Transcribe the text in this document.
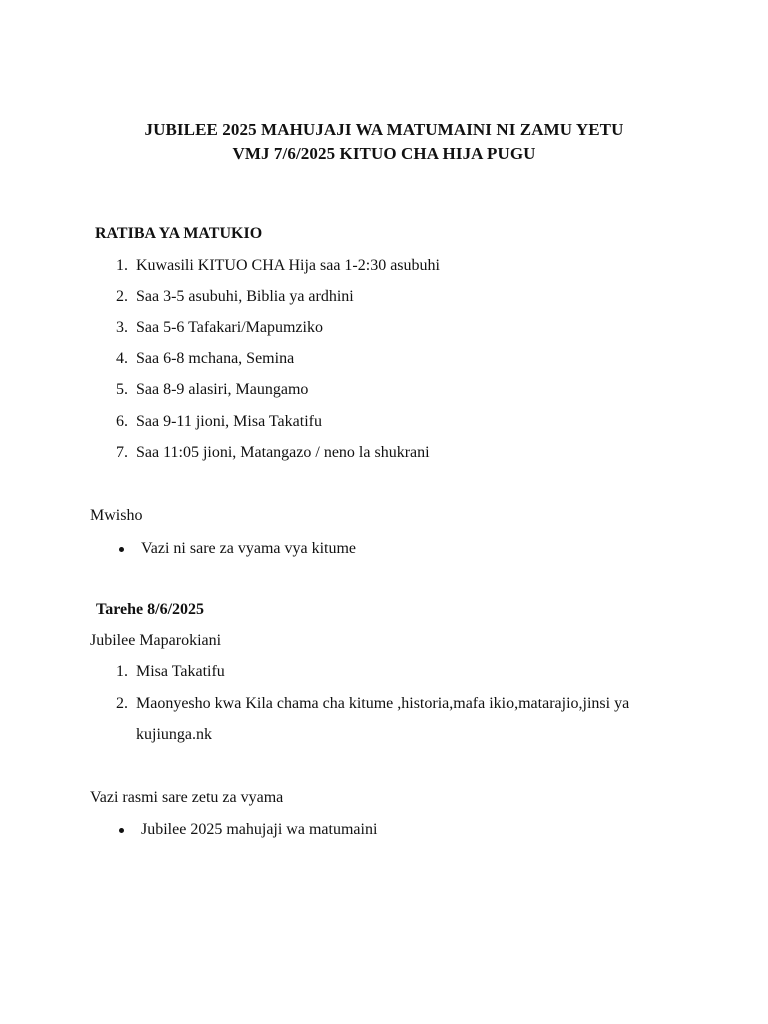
JUBILEE 2025 MAHUJAJI WA MATUMAINI NI ZAMU YETU
VMJ 7/6/2025 KITUO CHA HIJA PUGU
RATIBA YA MATUKIO
1. Kuwasili KITUO CHA Hija saa 1-2:30 asubuhi
2. Saa 3-5 asubuhi, Biblia ya ardhini
3. Saa 5-6 Tafakari/Mapumziko
4. Saa 6-8 mchana, Semina
5. Saa 8-9 alasiri, Maungamo
6. Saa 9-11 jioni, Misa Takatifu
7. Saa 11:05 jioni, Matangazo / neno la shukrani
Mwisho
Vazi ni sare za vyama vya kitume
Tarehe 8/6/2025
Jubilee Maparokiani
1. Misa Takatifu
2. Maonyesho kwa Kila chama cha kitume ,historia,mafa ikio,matarajio,jinsi ya
kujiunga.nk
Vazi rasmi sare zetu za vyama
Jubilee 2025 mahujaji wa matumaini
